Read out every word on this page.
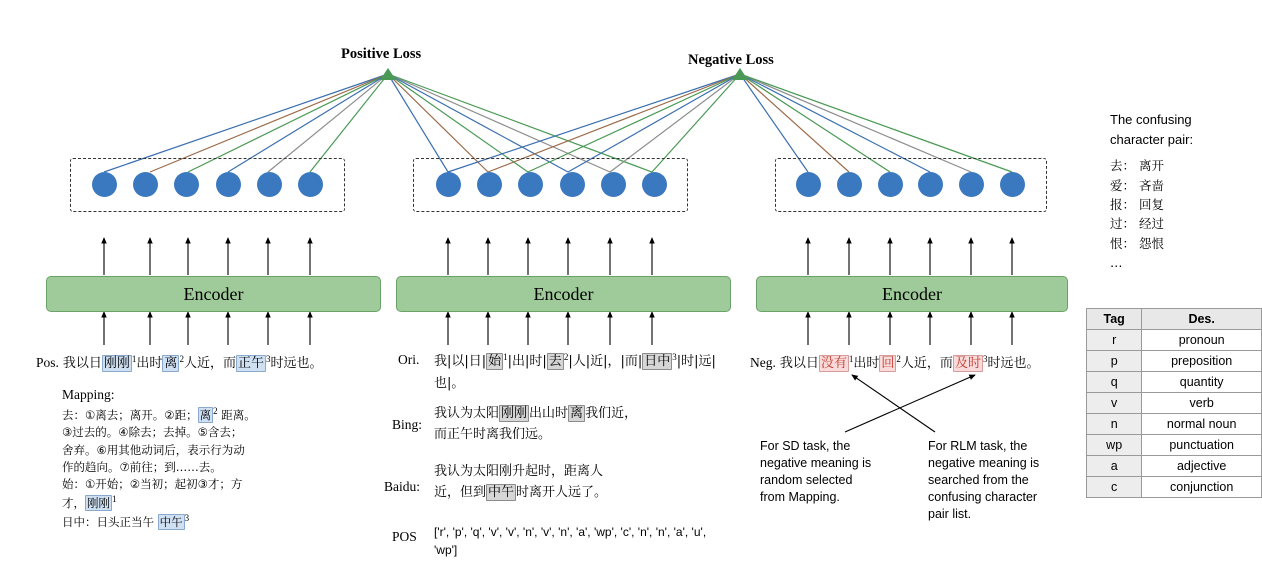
Positive Loss	Negative Loss
Encoder	Encoder	Encoder
Pos. 我以日 刚刚 $^1$出时 离 $^2$人近，而 正午 $^3$时远也。
Mapping:
去：①离去；离开。②距； 离 $^2$ 距离。
③过去的。④除去；去掉。⑤含去；
舍弃。⑥用其他动词后，表示行为动
作的趋向。⑦前往；到……去。
始：①开始；②当初；起初③才；方
才， 刚刚 $^1$
日中：日头正当午 中午 $^3$
Ori. 我|以|日| 始 $^1$|出|时| 去 $^2$|人|近|，|而| 日中 $^3$|时|远|也|。
Bing:
我认为太阳 刚刚 出山时 离 我们近，
而正午时离我们远。
Baidu:
我认为太阳刚升起时，距离人
近，但到 中午 时离开人远了。
POS ['r', 'p', 'q', 'v', 'v', 'n', 'v', 'n', 'a', 'wp', 'c', 'n', 'n', 'a', 'u', 'wp']
Neg. 我以日 没有 $^1$出时 回 $^2$人近，而 及时 $^3$时远也。
For SD task, the negative meaning is random selected from Mapping.
For RLM task, the negative meaning is searched from the confusing character pair list.
The confusing
character pair:
去： 离开
爱： 吝啬
报： 回复
过： 经过
恨： 怨恨
…
Tag	Des.
r	pronoun
p	preposition
q	quantity
v	verb
n	normal noun
wp	punctuation
a	adjective
c	conjunction
